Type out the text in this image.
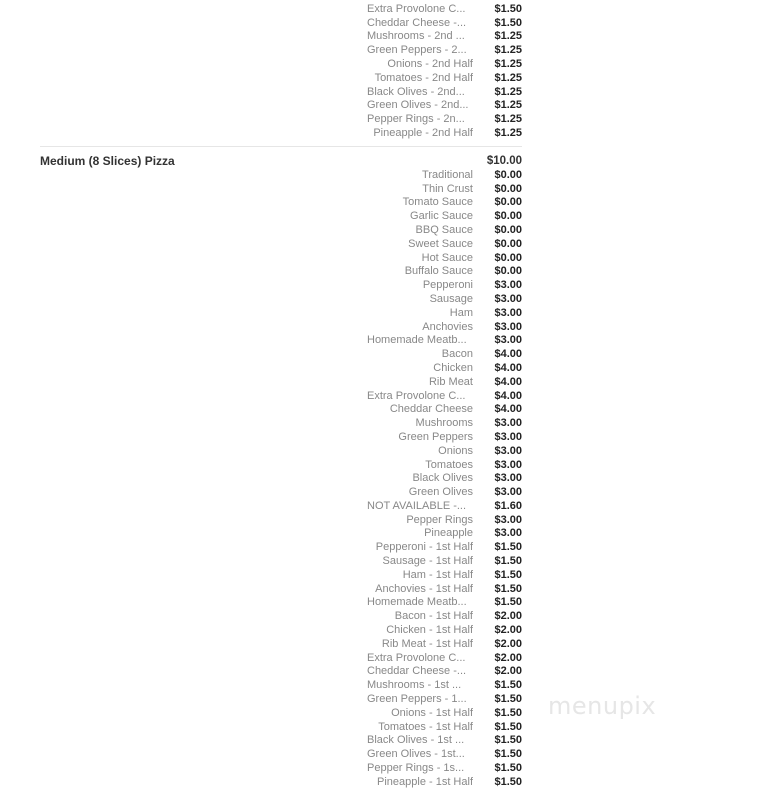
Extra Provolone C...	$1.50
Cheddar Cheese -...	$1.50
Mushrooms - 2nd ...	$1.25
Green Peppers - 2...	$1.25
Onions - 2nd Half	$1.25
Tomatoes - 2nd Half	$1.25
Black Olives - 2nd...	$1.25
Green Olives - 2nd...	$1.25
Pepper Rings - 2n...	$1.25
Pineapple - 2nd Half	$1.25
Medium (8 Slices) Pizza	$10.00
Traditional	$0.00
Thin Crust	$0.00
Tomato Sauce	$0.00
Garlic Sauce	$0.00
BBQ Sauce	$0.00
Sweet Sauce	$0.00
Hot Sauce	$0.00
Buffalo Sauce	$0.00
Pepperoni	$3.00
Sausage	$3.00
Ham	$3.00
Anchovies	$3.00
Homemade Meatb...	$3.00
Bacon	$4.00
Chicken	$4.00
Rib Meat	$4.00
Extra Provolone C...	$4.00
Cheddar Cheese	$4.00
Mushrooms	$3.00
Green Peppers	$3.00
Onions	$3.00
Tomatoes	$3.00
Black Olives	$3.00
Green Olives	$3.00
NOT AVAILABLE -...	$1.60
Pepper Rings	$3.00
Pineapple	$3.00
Pepperoni - 1st Half	$1.50
Sausage - 1st Half	$1.50
Ham - 1st Half	$1.50
Anchovies - 1st Half	$1.50
Homemade Meatb...	$1.50
Bacon - 1st Half	$2.00
Chicken - 1st Half	$2.00
Rib Meat - 1st Half	$2.00
Extra Provolone C...	$2.00
Cheddar Cheese -...	$2.00
Mushrooms - 1st ...	$1.50
Green Peppers - 1...	$1.50
Onions - 1st Half	$1.50
Tomatoes - 1st Half	$1.50
Black Olives - 1st ...	$1.50
Green Olives - 1st...	$1.50
Pepper Rings - 1s...	$1.50
Pineapple - 1st Half	$1.50
menupix
